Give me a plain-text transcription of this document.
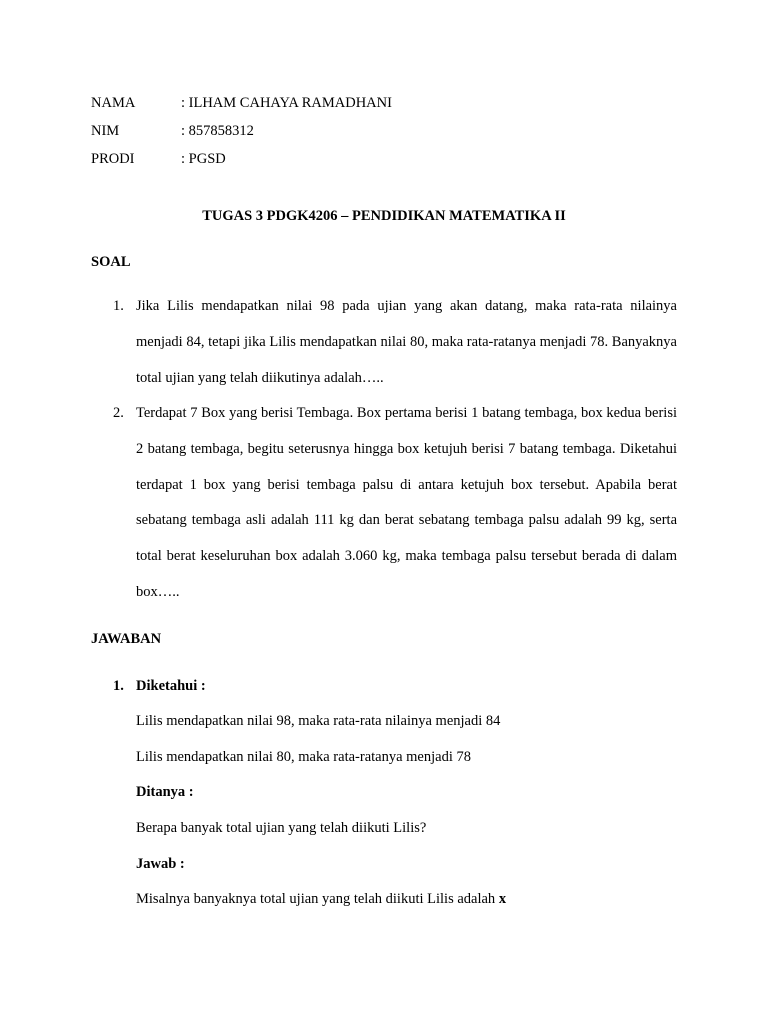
NAMA	: ILHAM CAHAYA RAMADHANI
NIM	: 857858312
PRODI	: PGSD
TUGAS 3 PDGK4206 – PENDIDIKAN MATEMATIKA II
SOAL
1. Jika Lilis mendapatkan nilai 98 pada ujian yang akan datang, maka rata-rata nilainya menjadi 84, tetapi jika Lilis mendapatkan nilai 80, maka rata-ratanya menjadi 78. Banyaknya total ujian yang telah diikutinya adalah…..
2. Terdapat 7 Box yang berisi Tembaga. Box pertama berisi 1 batang tembaga, box kedua berisi 2 batang tembaga, begitu seterusnya hingga box ketujuh berisi 7 batang tembaga. Diketahui terdapat 1 box yang berisi tembaga palsu di antara ketujuh box tersebut. Apabila berat sebatang tembaga asli adalah 111 kg dan berat sebatang tembaga palsu adalah 99 kg, serta total berat keseluruhan box adalah 3.060 kg, maka tembaga palsu tersebut berada di dalam box…..
JAWABAN
1. Diketahui :
Lilis mendapatkan nilai 98, maka rata-rata nilainya menjadi 84
Lilis mendapatkan nilai 80, maka rata-ratanya menjadi 78
Ditanya :
Berapa banyak total ujian yang telah diikuti Lilis?
Jawab :
Misalnya banyaknya total ujian yang telah diikuti Lilis adalah x
